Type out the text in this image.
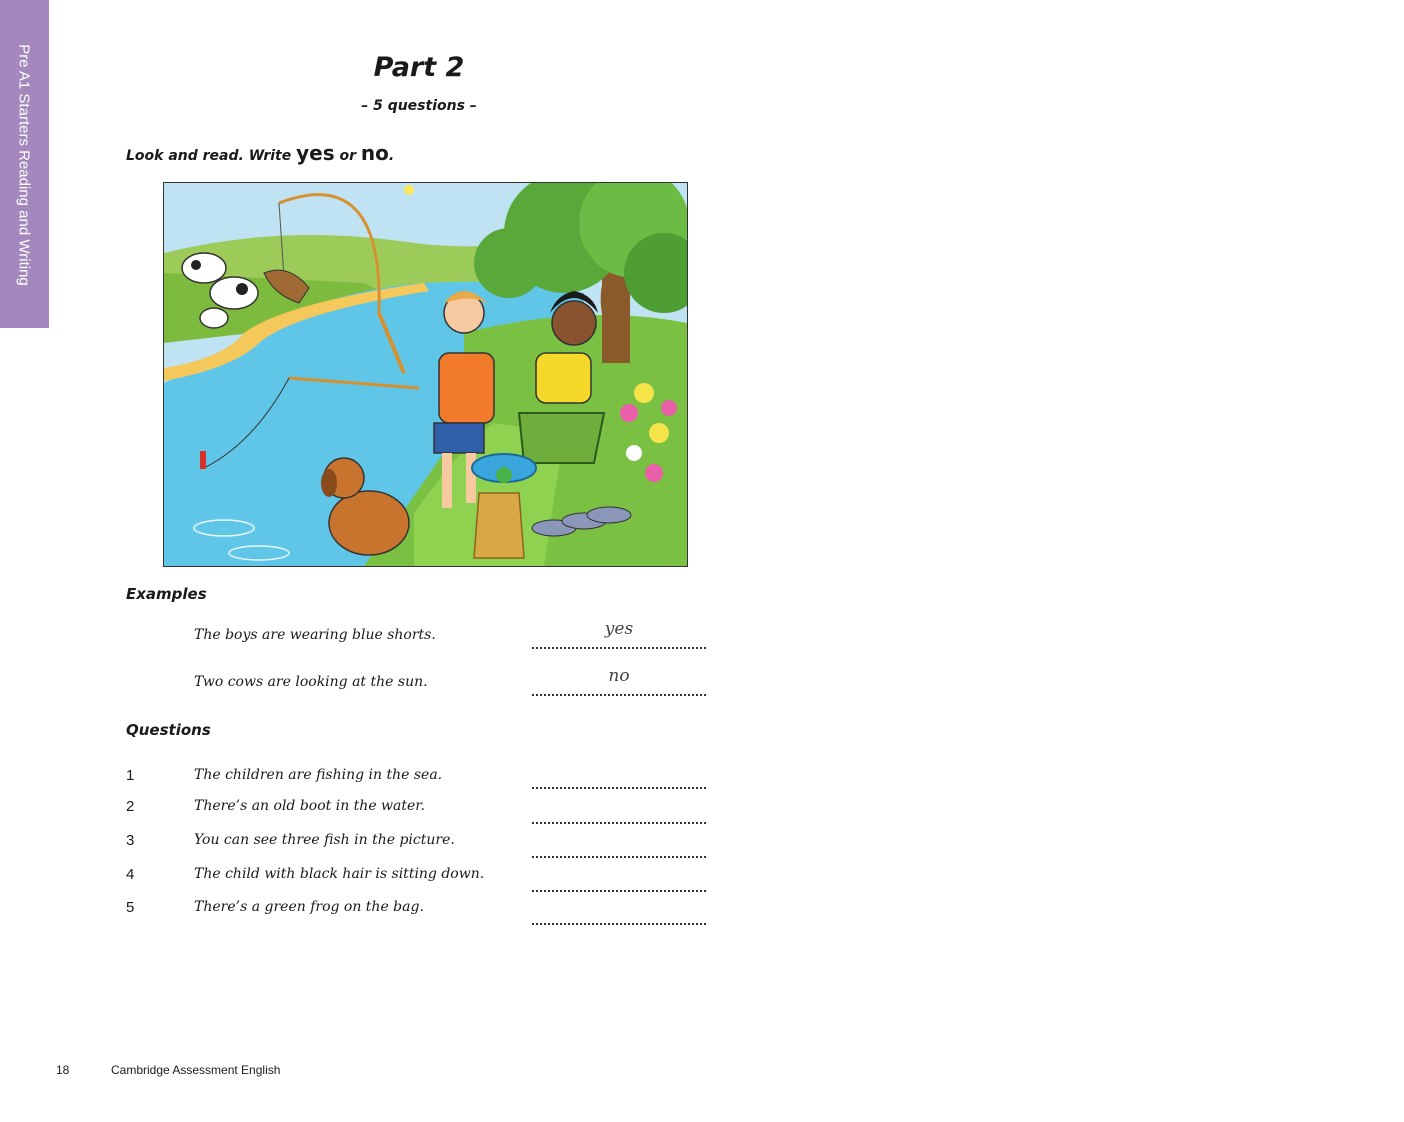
Pre A1 Starters Reading and Writing	Part 2
– 5 questions –
Look and read. Write yes or no.
Examples
The boys are wearing blue shorts.	yes
Two cows are looking at the sun.	no
Questions
1	The children are fishing in the sea.
2	There’s an old boot in the water.
3	You can see three fish in the picture.
4	The child with black hair is sitting down.
5	There’s a green frog on the bag.
18	Cambridge Assessment English
